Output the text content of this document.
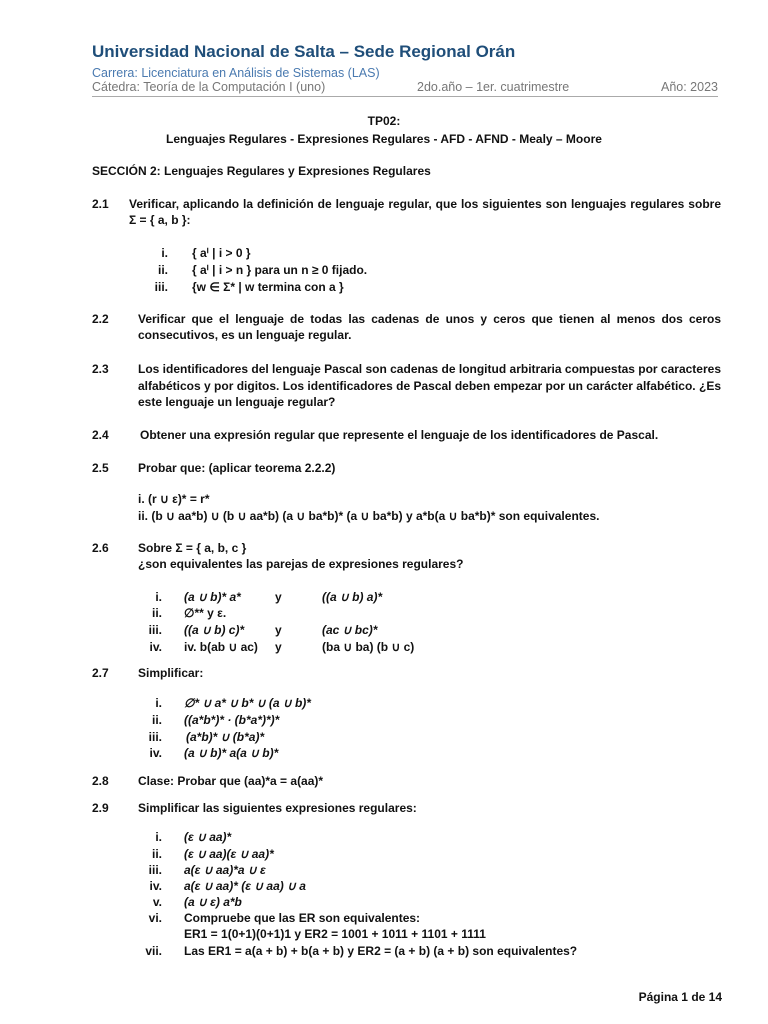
Universidad Nacional de Salta – Sede Regional Orán
Carrera: Licenciatura en Análisis de Sistemas (LAS)
Cátedra: Teoría de la Computación I (uno)	2do.año – 1er. cuatrimestre	Año: 2023
TP02:
Lenguajes Regulares - Expresiones Regulares - AFD - AFND - Mealy – Moore
SECCIÓN 2: Lenguajes Regulares y Expresiones Regulares
2.1 Verificar, aplicando la definición de lenguaje regular, que los siguientes son lenguajes regulares sobre
Σ = { a, b }:
i. { aⁱ | i > 0 }
ii. { aⁱ | i > n } para un n ≥ 0 fijado.
iii. {w ∈ Σ* | w termina con a }
2.2 Verificar que el lenguaje de todas las cadenas de unos y ceros que tienen al menos dos ceros
consecutivos, es un lenguaje regular.
2.3 Los identificadores del lenguaje Pascal son cadenas de longitud arbitraria compuestas por caracteres
alfabéticos y por digitos. Los identificadores de Pascal deben empezar por un carácter alfabético. ¿Es
este lenguaje un lenguaje regular?
2.4	Obtener una expresión regular que represente el lenguaje de los identificadores de Pascal.
2.5 Probar que: (aplicar teorema 2.2.2)
i. (r ∪ ε)* = r*
ii. (b ∪ aa*b) ∪ (b ∪ aa*b) (a ∪ ba*b)* (a ∪ ba*b) y a*b(a ∪ ba*b)* son equivalentes.
2.6 Sobre Σ = { a, b, c }
¿son equivalentes las parejas de expresiones regulares?
i. (a ∪ b)* a*	y	((a ∪ b) a)*
ii. ∅** y ε.
iii. ((a ∪ b) c)*	y	(ac ∪ bc)*
iv. iv. b(ab ∪ ac) y	(ba ∪ ba) (b ∪ c)
2.7 Simplificar:
i. ∅* ∪ a* ∪ b* ∪ (a ∪ b)*
ii. ((a*b*)* · (b*a*)*)*
iii. (a*b)* ∪ (b*a)*
iv. (a ∪ b)* a(a ∪ b)*
2.8 Clase: Probar que (aa)*a = a(aa)*
2.9 Simplificar las siguientes expresiones regulares:
i. (ε ∪ aa)*
ii. (ε ∪ aa)(ε ∪ aa)*
iii. a(ε ∪ aa)*a ∪ ε
iv. a(ε ∪ aa)* (ε ∪ aa) ∪ a
v. (a ∪ ε) a*b
vi. Compruebe que las ER son equivalentes:
ER1 = 1(0+1)(0+1)1 y ER2 = 1001 + 1011 + 1101 + 1111
vii. Las ER1 = a(a + b) + b(a + b) y ER2 = (a + b) (a + b) son equivalentes?
Página 1 de 14
